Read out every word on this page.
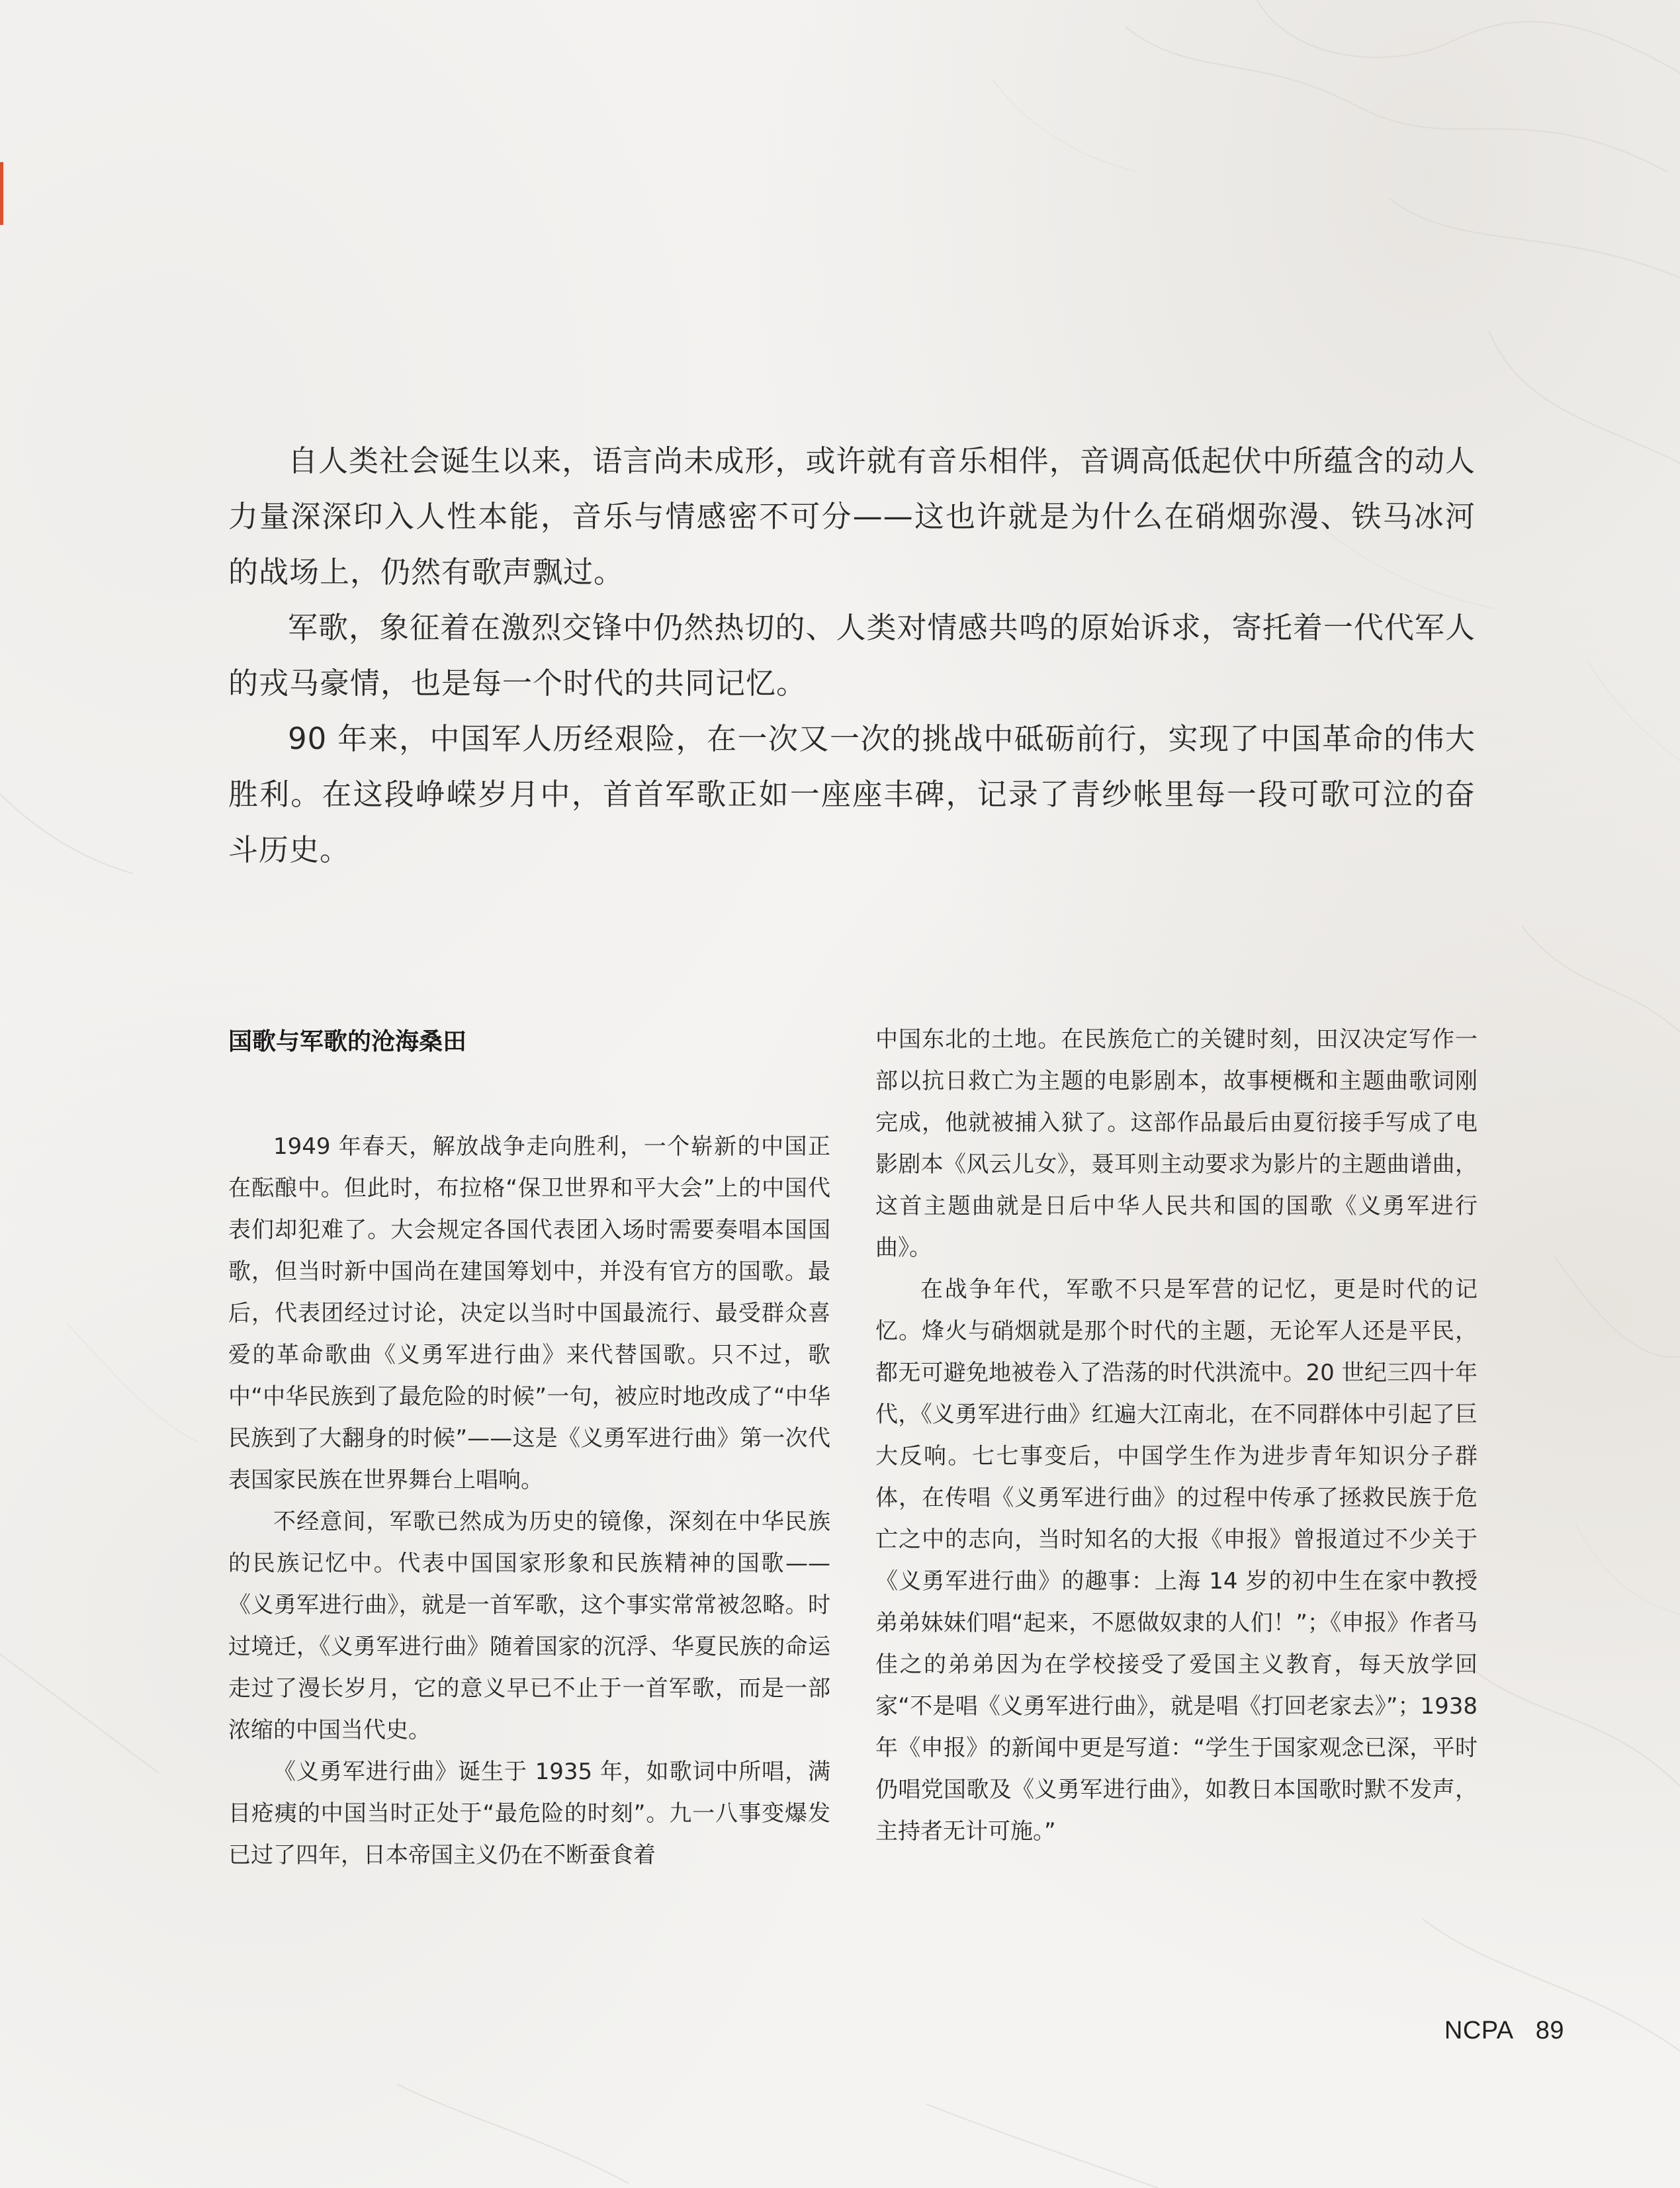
自人类社会诞生以来，语言尚未成形，或许就有音乐相伴，音调高低起伏中所蕴含的动人力量深深印入人性本能，音乐与情感密不可分——这也许就是为什么在硝烟弥漫、铁马冰河的战场上，仍然有歌声飘过。

军歌，象征着在激烈交锋中仍然热切的、人类对情感共鸣的原始诉求，寄托着一代代军人的戎马豪情，也是每一个时代的共同记忆。

90 年来，中国军人历经艰险，在一次又一次的挑战中砥砺前行，实现了中国革命的伟大胜利。在这段峥嵘岁月中，首首军歌正如一座座丰碑，记录了青纱帐里每一段可歌可泣的奋斗历史。

国歌与军歌的沧海桑田

1949 年春天，解放战争走向胜利，一个崭新的中国正在酝酿中。但此时，布拉格“保卫世界和平大会”上的中国代表们却犯难了。大会规定各国代表团入场时需要奏唱本国国歌，但当时新中国尚在建国筹划中，并没有官方的国歌。最后，代表团经过讨论，决定以当时中国最流行、最受群众喜爱的革命歌曲《义勇军进行曲》来代替国歌。只不过，歌中“中华民族到了最危险的时候”一句，被应时地改成了“中华民族到了大翻身的时候”——这是《义勇军进行曲》第一次代表国家民族在世界舞台上唱响。

不经意间，军歌已然成为历史的镜像，深刻在中华民族的民族记忆中。代表中国国家形象和民族精神的国歌——《义勇军进行曲》，就是一首军歌，这个事实常常被忽略。时过境迁，《义勇军进行曲》随着国家的沉浮、华夏民族的命运走过了漫长岁月，它的意义早已不止于一首军歌，而是一部浓缩的中国当代史。

《义勇军进行曲》诞生于 1935 年，如歌词中所唱，满目疮痍的中国当时正处于“最危险的时刻”。九一八事变爆发已过了四年，日本帝国主义仍在不断蚕食着

中国东北的土地。在民族危亡的关键时刻，田汉决定写作一部以抗日救亡为主题的电影剧本，故事梗概和主题曲歌词刚完成，他就被捕入狱了。这部作品最后由夏衍接手写成了电影剧本《风云儿女》，聂耳则主动要求为影片的主题曲谱曲，这首主题曲就是日后中华人民共和国的国歌《义勇军进行曲》。

在战争年代，军歌不只是军营的记忆，更是时代的记忆。烽火与硝烟就是那个时代的主题，无论军人还是平民，都无可避免地被卷入了浩荡的时代洪流中。20 世纪三四十年代，《义勇军进行曲》红遍大江南北，在不同群体中引起了巨大反响。七七事变后，中国学生作为进步青年知识分子群体，在传唱《义勇军进行曲》的过程中传承了拯救民族于危亡之中的志向，当时知名的大报《申报》曾报道过不少关于《义勇军进行曲》的趣事：上海 14 岁的初中生在家中教授弟弟妹妹们唱“起来，不愿做奴隶的人们！”；《申报》作者马佳之的弟弟因为在学校接受了爱国主义教育，每天放学回家“不是唱《义勇军进行曲》，就是唱《打回老家去》”；1938 年《申报》的新闻中更是写道：“学生于国家观念已深，平时仍唱党国歌及《义勇军进行曲》，如教日本国歌时默不发声，主持者无计可施。”

NCPA 89
